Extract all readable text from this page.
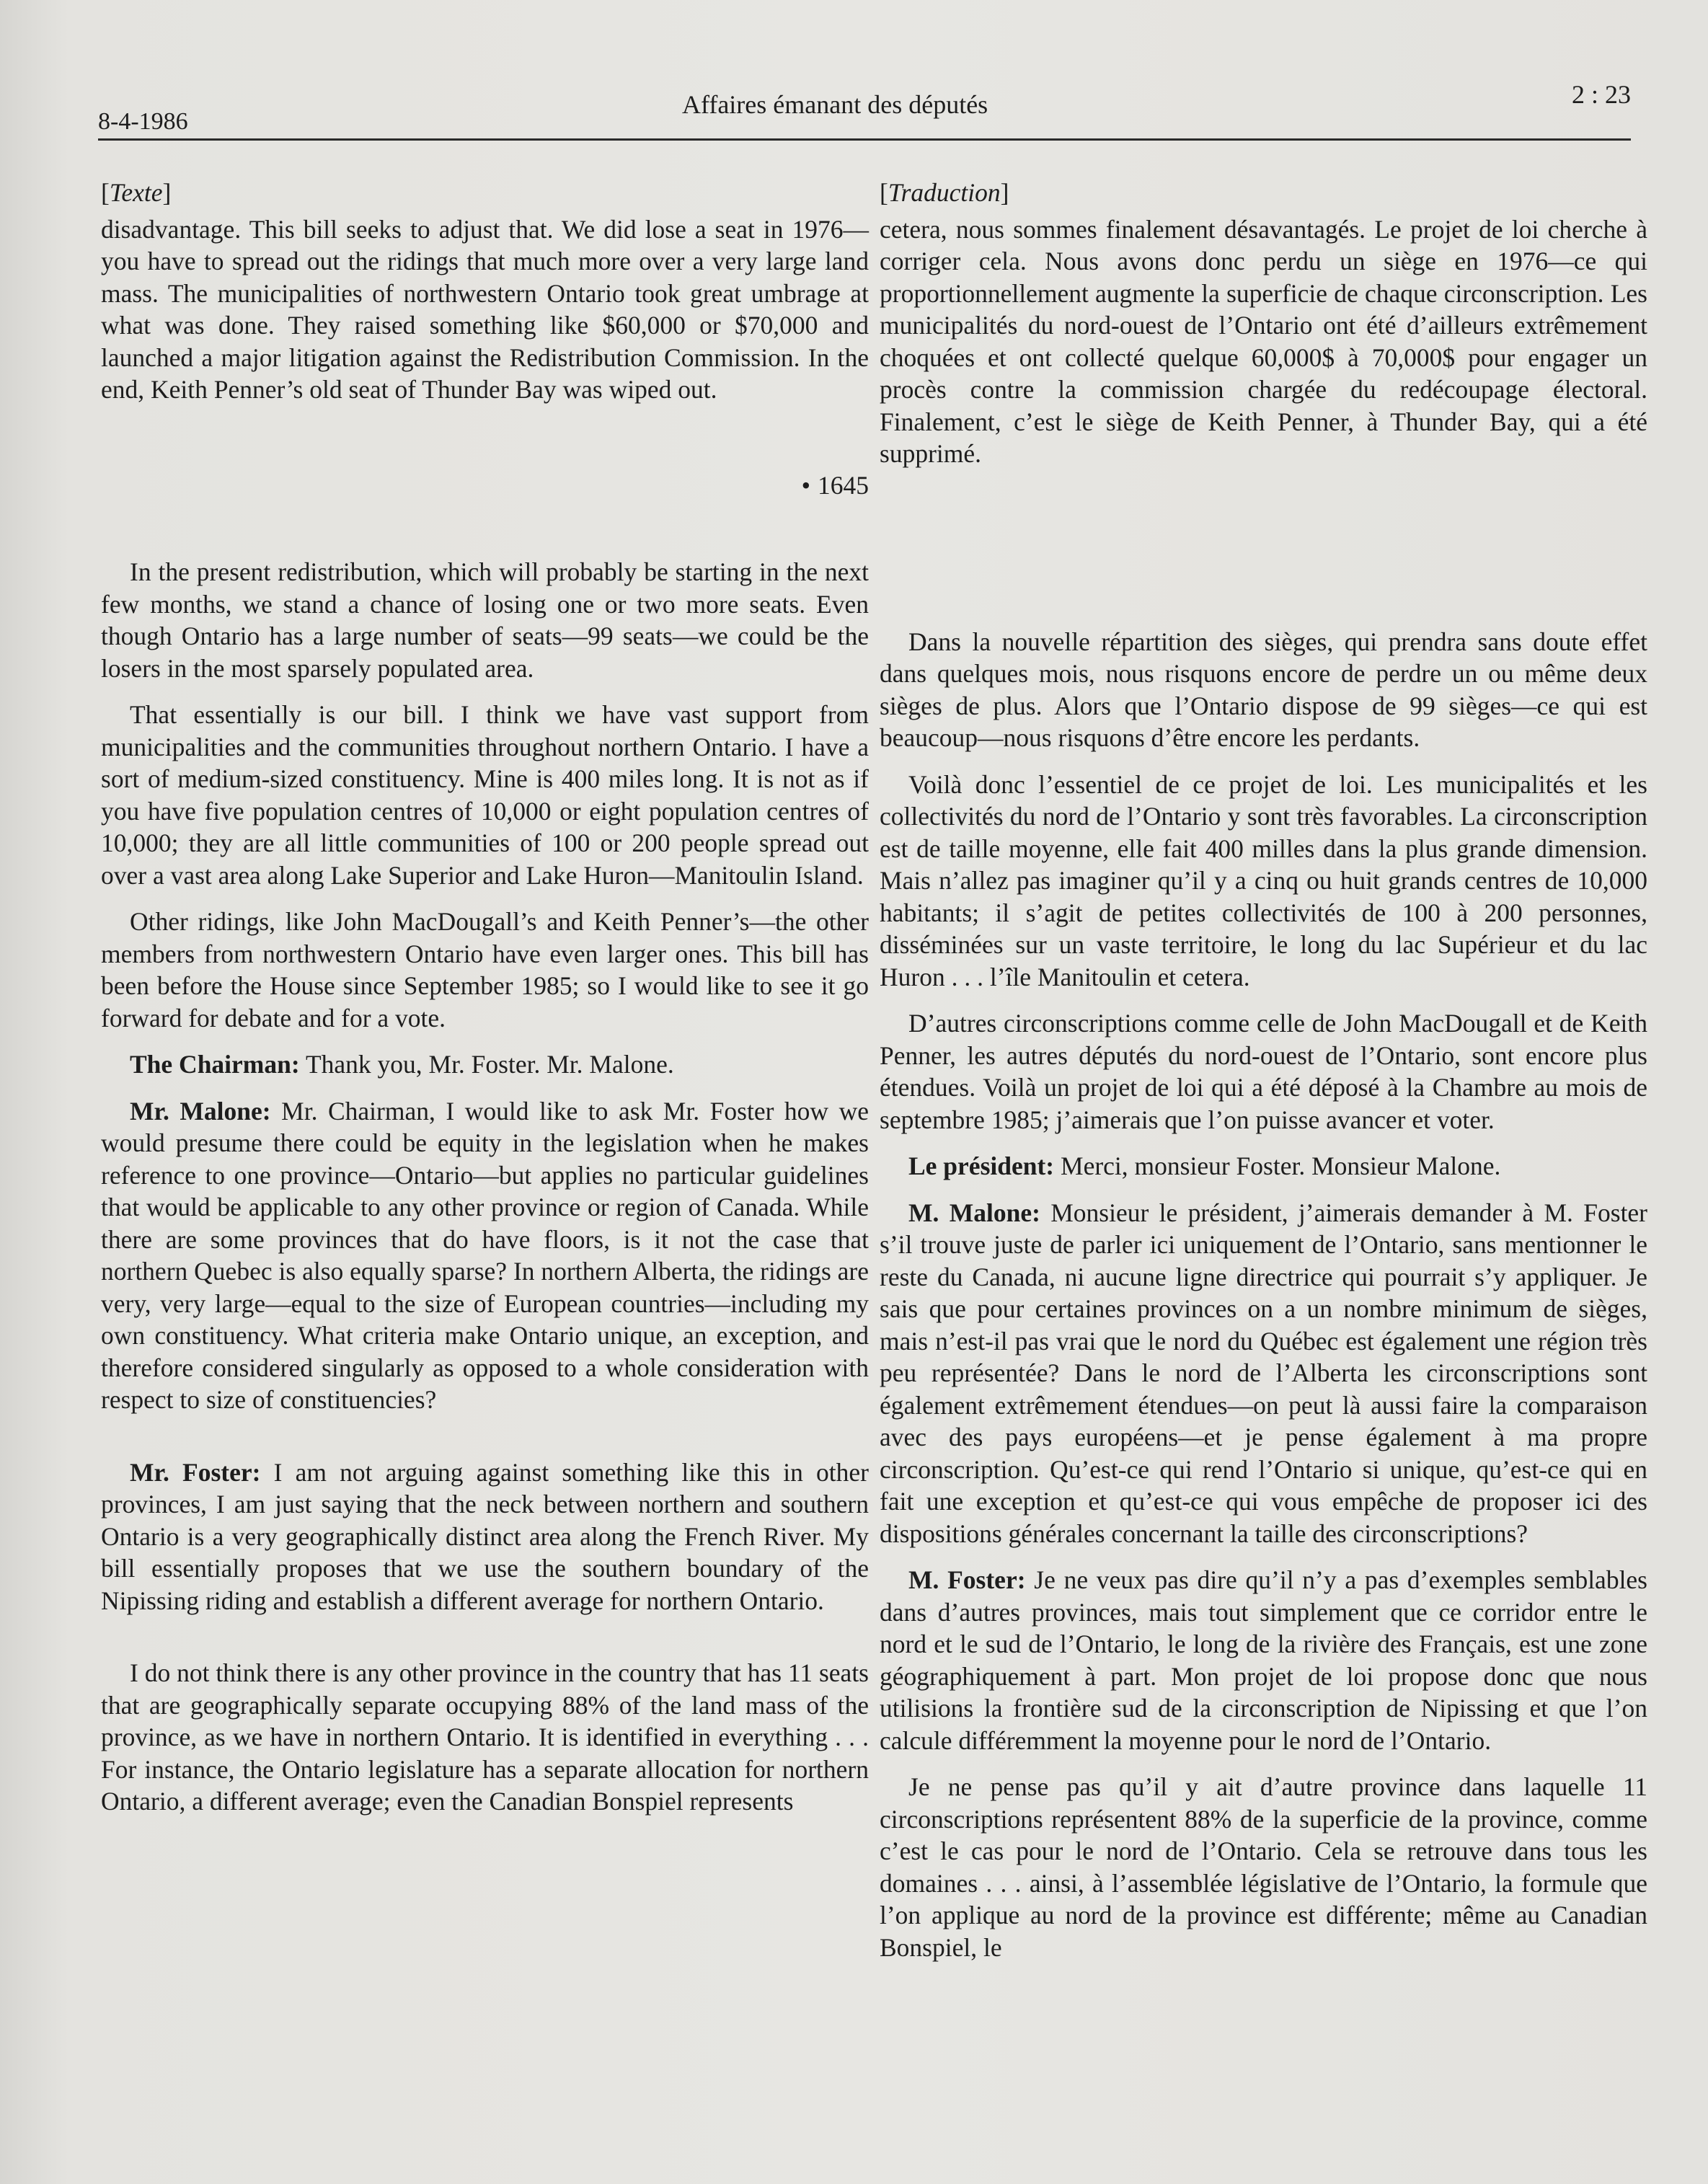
8-4-1986
Affaires émanant des députés	2 : 23

[Texte]

disadvantage. This bill seeks to adjust that. We did lose a seat in 1976—you have to spread out the ridings that much more over a very large land mass. The municipalities of northwestern Ontario took great umbrage at what was done. They raised something like $60,000 or $70,000 and launched a major litigation against the Redistribution Commission. In the end, Keith Penner’s old seat of Thunder Bay was wiped out.

• 1645

In the present redistribution, which will probably be starting in the next few months, we stand a chance of losing one or two more seats. Even though Ontario has a large number of seats—99 seats—we could be the losers in the most sparsely populated area.

That essentially is our bill. I think we have vast support from municipalities and the communities throughout northern Ontario. I have a sort of medium-sized constituency. Mine is 400 miles long. It is not as if you have five population centres of 10,000 or eight population centres of 10,000; they are all little communities of 100 or 200 people spread out over a vast area along Lake Superior and Lake Huron—Manitoulin Island.

Other ridings, like John MacDougall’s and Keith Penner’s—the other members from northwestern Ontario have even larger ones. This bill has been before the House since September 1985; so I would like to see it go forward for debate and for a vote.

The Chairman: Thank you, Mr. Foster. Mr. Malone.

Mr. Malone: Mr. Chairman, I would like to ask Mr. Foster how we would presume there could be equity in the legislation when he makes reference to one province—Ontario—but applies no particular guidelines that would be applicable to any other province or region of Canada. While there are some provinces that do have floors, is it not the case that northern Quebec is also equally sparse? In northern Alberta, the ridings are very, very large—equal to the size of European countries—including my own constituency. What criteria make Ontario unique, an exception, and therefore considered singularly as opposed to a whole consideration with respect to size of constituencies?

Mr. Foster: I am not arguing against something like this in other provinces, I am just saying that the neck between northern and southern Ontario is a very geographically distinct area along the French River. My bill essentially proposes that we use the southern boundary of the Nipissing riding and establish a different average for northern Ontario.

I do not think there is any other province in the country that has 11 seats that are geographically separate occupying 88% of the land mass of the province, as we have in northern Ontario. It is identified in everything . . . For instance, the Ontario legislature has a separate allocation for northern Ontario, a different average; even the Canadian Bonspiel represents

[Traduction]

cetera, nous sommes finalement désavantagés. Le projet de loi cherche à corriger cela. Nous avons donc perdu un siège en 1976—ce qui proportionnellement augmente la superficie de chaque circonscription. Les municipalités du nord-ouest de l’Ontario ont été d’ailleurs extrêmement choquées et ont collecté quelque 60,000$ à 70,000$ pour engager un procès contre la commission chargée du redécoupage électoral. Finalement, c’est le siège de Keith Penner, à Thunder Bay, qui a été supprimé.

Dans la nouvelle répartition des sièges, qui prendra sans doute effet dans quelques mois, nous risquons encore de perdre un ou même deux sièges de plus. Alors que l’Ontario dispose de 99 sièges—ce qui est beaucoup—nous risquons d’être encore les perdants.

Voilà donc l’essentiel de ce projet de loi. Les municipalités et les collectivités du nord de l’Ontario y sont très favorables. La circonscription est de taille moyenne, elle fait 400 milles dans la plus grande dimension. Mais n’allez pas imaginer qu’il y a cinq ou huit grands centres de 10,000 habitants; il s’agit de petites collectivités de 100 à 200 personnes, disséminées sur un vaste territoire, le long du lac Supérieur et du lac Huron . . . l’île Manitoulin et cetera.

D’autres circonscriptions comme celle de John MacDougall et de Keith Penner, les autres députés du nord-ouest de l’Ontario, sont encore plus étendues. Voilà un projet de loi qui a été déposé à la Chambre au mois de septembre 1985; j’aimerais que l’on puisse avancer et voter.

Le président: Merci, monsieur Foster. Monsieur Malone.

M. Malone: Monsieur le président, j’aimerais demander à M. Foster s’il trouve juste de parler ici uniquement de l’Ontario, sans mentionner le reste du Canada, ni aucune ligne directrice qui pourrait s’y appliquer. Je sais que pour certaines provinces on a un nombre minimum de sièges, mais n’est-il pas vrai que le nord du Québec est également une région très peu représentée? Dans le nord de l’Alberta les circonscriptions sont également extrêmement étendues—on peut là aussi faire la comparaison avec des pays européens—et je pense également à ma propre circonscription. Qu’est-ce qui rend l’Ontario si unique, qu’est-ce qui en fait une exception et qu’est-ce qui vous empêche de proposer ici des dispositions générales concernant la taille des circonscriptions?

M. Foster: Je ne veux pas dire qu’il n’y a pas d’exemples semblables dans d’autres provinces, mais tout simplement que ce corridor entre le nord et le sud de l’Ontario, le long de la rivière des Français, est une zone géographiquement à part. Mon projet de loi propose donc que nous utilisions la frontière sud de la circonscription de Nipissing et que l’on calcule différemment la moyenne pour le nord de l’Ontario.

Je ne pense pas qu’il y ait d’autre province dans laquelle 11 circonscriptions représentent 88% de la superficie de la province, comme c’est le cas pour le nord de l’Ontario. Cela se retrouve dans tous les domaines . . . ainsi, à l’assemblée législative de l’Ontario, la formule que l’on applique au nord de la province est différente; même au Canadian Bonspiel, le
